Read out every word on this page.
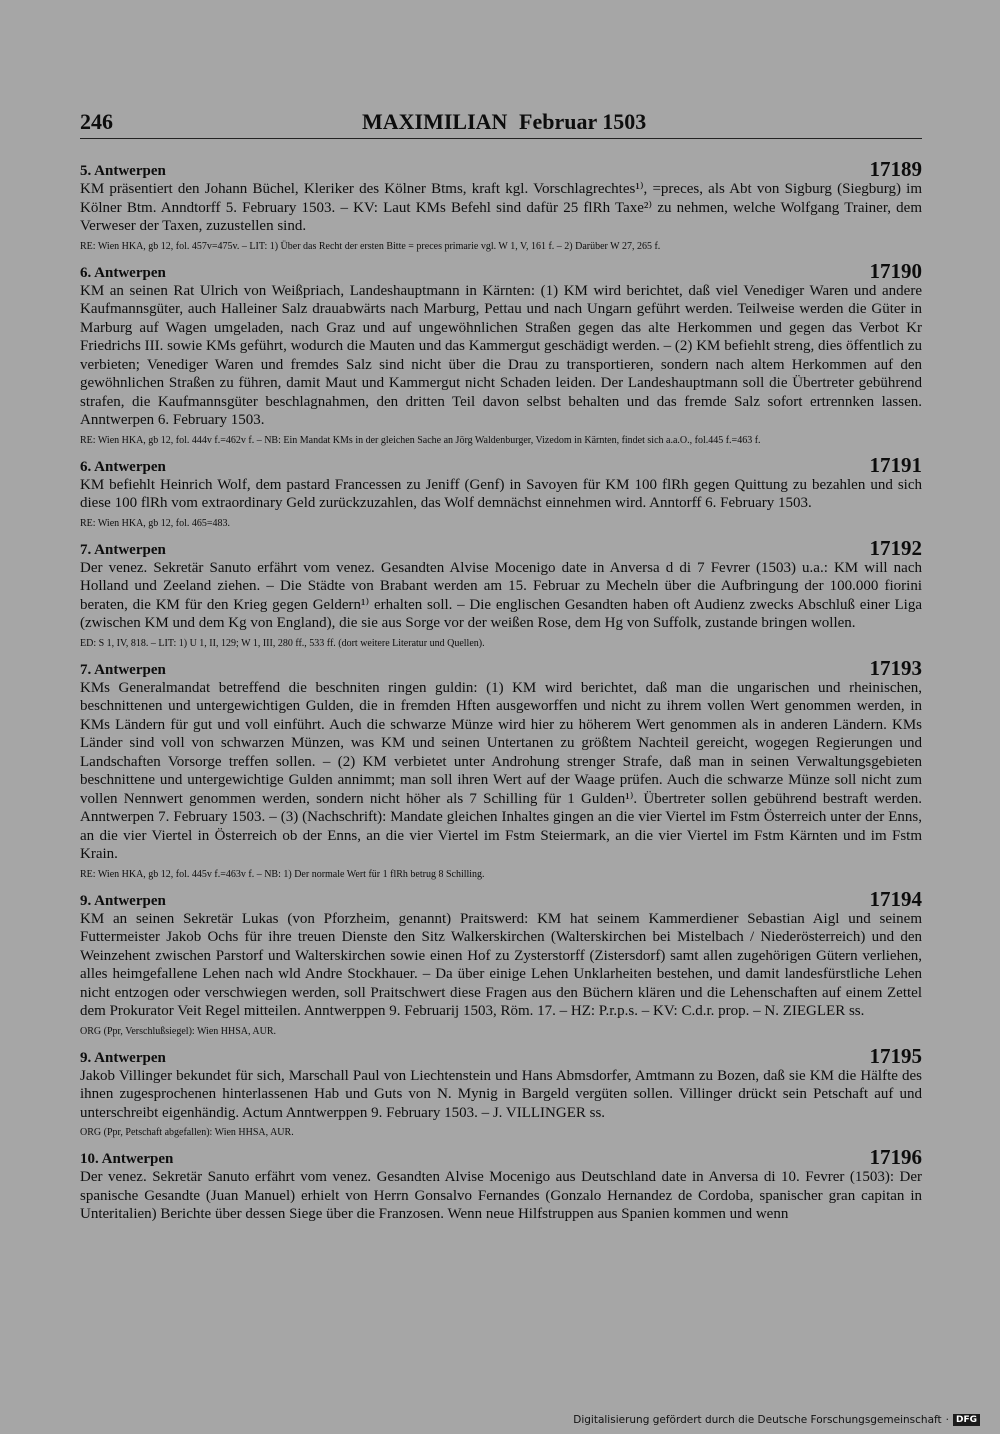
246	MAXIMILIAN Februar 1503
5. Antwerpen	17189
KM präsentiert den Johann Büchel, Kleriker des Kölner Btms, kraft kgl. Vorschlagrechtes¹⁾, =preces, als Abt von Sigburg (Siegburg) im Kölner Btm. Anndtorff 5. February 1503. – KV: Laut KMs Befehl sind dafür 25 flRh Taxe²⁾ zu nehmen, welche Wolfgang Trainer, dem Verweser der Taxen, zuzustellen sind.
RE: Wien HKA, gb 12, fol. 457v=475v. – LIT: 1) Über das Recht der ersten Bitte = preces primarie vgl. W 1, V, 161 f. – 2) Darüber W 27, 265 f.
6. Antwerpen	17190
KM an seinen Rat Ulrich von Weißpriach, Landeshauptmann in Kärnten: (1) KM wird berichtet, daß viel Venediger Waren und andere Kaufmannsgüter, auch Halleiner Salz drauabwärts nach Marburg, Pettau und nach Ungarn geführt werden. Teilweise werden die Güter in Marburg auf Wagen umgeladen, nach Graz und auf ungewöhnlichen Straßen gegen das alte Herkommen und gegen das Verbot Kr Friedrichs III. sowie KMs geführt, wodurch die Mauten und das Kammergut geschädigt werden. – (2) KM befiehlt streng, dies öffentlich zu verbieten; Venediger Waren und fremdes Salz sind nicht über die Drau zu transportieren, sondern nach altem Herkommen auf den gewöhnlichen Straßen zu führen, damit Maut und Kammergut nicht Schaden leiden. Der Landeshauptmann soll die Übertreter gebührend strafen, die Kaufmannsgüter beschlagnahmen, den dritten Teil davon selbst behalten und das fremde Salz sofort ertrennken lassen. Anntwerpen 6. February 1503.
RE: Wien HKA, gb 12, fol. 444v f.=462v f. – NB: Ein Mandat KMs in der gleichen Sache an Jörg Waldenburger, Vizedom in Kärnten, findet sich a.a.O., fol.445 f.=463 f.
6. Antwerpen	17191
KM befiehlt Heinrich Wolf, dem pastard Francessen zu Jeniff (Genf) in Savoyen für KM 100 flRh gegen Quittung zu bezahlen und sich diese 100 flRh vom extraordinary Geld zurückzuzahlen, das Wolf demnächst einnehmen wird. Anntorff 6. February 1503.
RE: Wien HKA, gb 12, fol. 465=483.
7. Antwerpen	17192
Der venez. Sekretär Sanuto erfährt vom venez. Gesandten Alvise Mocenigo date in Anversa d di 7 Fevrer (1503) u.a.: KM will nach Holland und Zeeland ziehen. – Die Städte von Brabant werden am 15. Februar zu Mecheln über die Aufbringung der 100.000 fiorini beraten, die KM für den Krieg gegen Geldern¹⁾ erhalten soll. – Die englischen Gesandten haben oft Audienz zwecks Abschluß einer Liga (zwischen KM und dem Kg von England), die sie aus Sorge vor der weißen Rose, dem Hg von Suffolk, zustande bringen wollen.
ED: S 1, IV, 818. – LIT: 1) U 1, II, 129; W 1, III, 280 ff., 533 ff. (dort weitere Literatur und Quellen).
7. Antwerpen	17193
KMs Generalmandat betreffend die beschniten ringen guldin: (1) KM wird berichtet, daß man die ungarischen und rheinischen, beschnittenen und untergewichtigen Gulden, die in fremden Hften ausgeworffen und nicht zu ihrem vollen Wert genommen werden, in KMs Ländern für gut und voll einführt. Auch die schwarze Münze wird hier zu höherem Wert genommen als in anderen Ländern. KMs Länder sind voll von schwarzen Münzen, was KM und seinen Untertanen zu größtem Nachteil gereicht, wogegen Regierungen und Landschaften Vorsorge treffen sollen. – (2) KM verbietet unter Androhung strenger Strafe, daß man in seinen Verwaltungsgebieten beschnittene und untergewichtige Gulden annimmt; man soll ihren Wert auf der Waage prüfen. Auch die schwarze Münze soll nicht zum vollen Nennwert genommen werden, sondern nicht höher als 7 Schilling für 1 Gulden¹⁾. Übertreter sollen gebührend bestraft werden. Anntwerpen 7. February 1503. – (3) (Nachschrift): Mandate gleichen Inhaltes gingen an die vier Viertel im Fstm Österreich unter der Enns, an die vier Viertel in Österreich ob der Enns, an die vier Viertel im Fstm Steiermark, an die vier Viertel im Fstm Kärnten und im Fstm Krain.
RE: Wien HKA, gb 12, fol. 445v f.=463v f. – NB: 1) Der normale Wert für 1 flRh betrug 8 Schilling.
9. Antwerpen	17194
KM an seinen Sekretär Lukas (von Pforzheim, genannt) Praitswerd: KM hat seinem Kammerdiener Sebastian Aigl und seinem Futtermeister Jakob Ochs für ihre treuen Dienste den Sitz Walkerskirchen (Walterskirchen bei Mistelbach / Niederösterreich) und den Weinzehent zwischen Parstorf und Walterskirchen sowie einen Hof zu Zysterstorff (Zistersdorf) samt allen zugehörigen Gütern verliehen, alles heimgefallene Lehen nach wld Andre Stockhauer. – Da über einige Lehen Unklarheiten bestehen, und damit landesfürstliche Lehen nicht entzogen oder verschwiegen werden, soll Praitschwert diese Fragen aus den Büchern klären und die Lehenschaften auf einem Zettel dem Prokurator Veit Regel mitteilen. Anntwerppen 9. Februarij 1503, Röm. 17. – HZ: P.r.p.s. – KV: C.d.r. prop. – N. ZIEGLER ss.
ORG (Ppr, Verschlußsiegel): Wien HHSA, AUR.
9. Antwerpen	17195
Jakob Villinger bekundet für sich, Marschall Paul von Liechtenstein und Hans Abmsdorfer, Amtmann zu Bozen, daß sie KM die Hälfte des ihnen zugesprochenen hinterlassenen Hab und Guts von N. Mynig in Bargeld vergüten sollen. Villinger drückt sein Petschaft auf und unterschreibt eigenhändig. Actum Anntwerppen 9. February 1503. – J. VILLINGER ss.
ORG (Ppr, Petschaft abgefallen): Wien HHSA, AUR.
10. Antwerpen	17196
Der venez. Sekretär Sanuto erfährt vom venez. Gesandten Alvise Mocenigo aus Deutschland date in Anversa di 10. Fevrer (1503): Der spanische Gesandte (Juan Manuel) erhielt von Herrn Gonsalvo Fernandes (Gonzalo Hernandez de Cordoba, spanischer gran capitan in Unteritalien) Berichte über dessen Siege über die Franzosen. Wenn neue Hilfstruppen aus Spanien kommen und wenn
Digitalisierung gefördert durch die Deutsche Forschungsgemeinschaft · DFG
